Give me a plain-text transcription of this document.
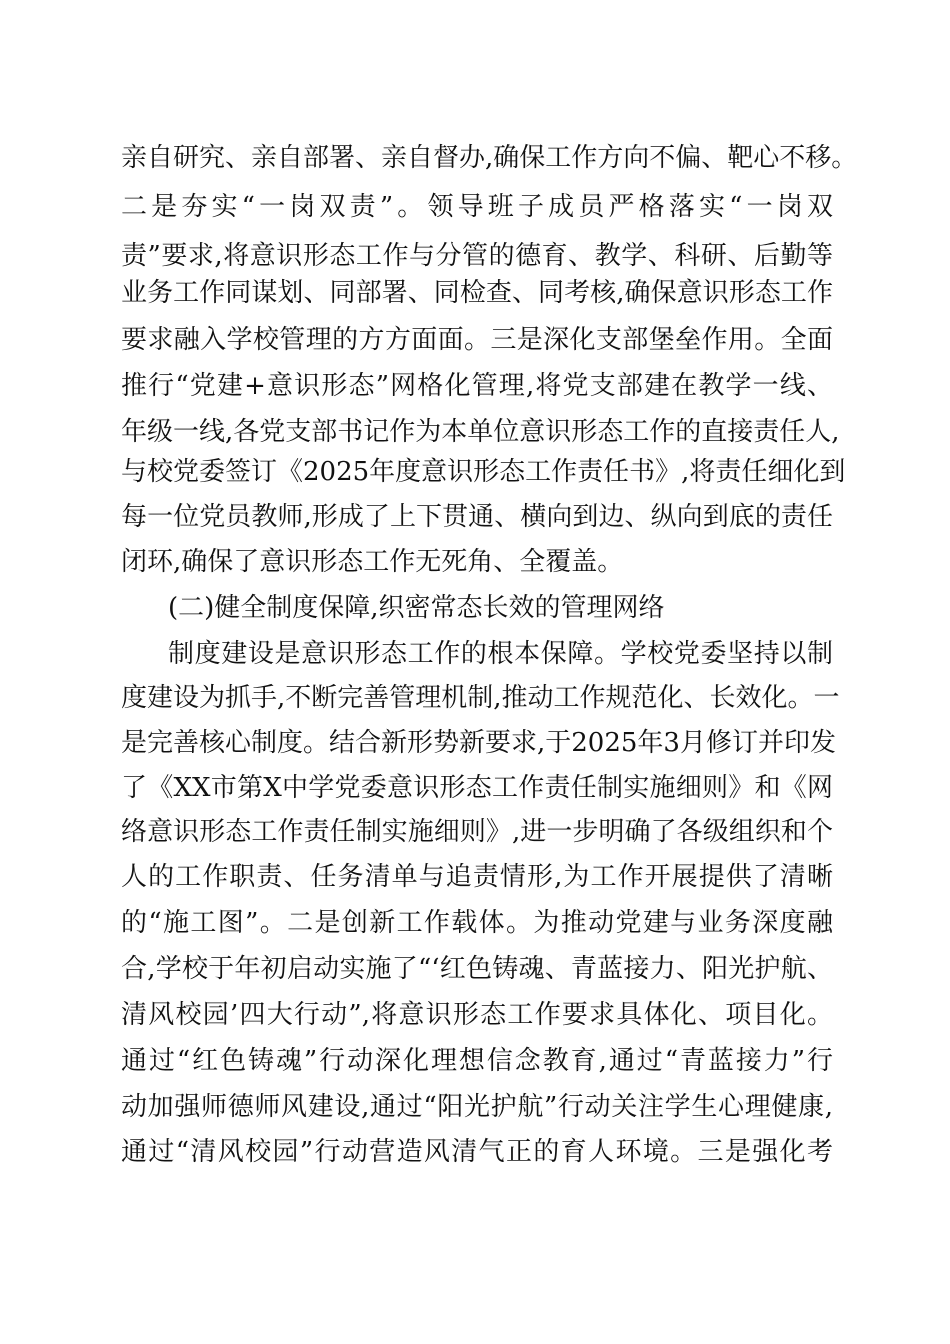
亲自研究、亲自部署、亲自督办,确保工作方向不偏、靶心不移。
二是夯实“一岗双责”。领导班子成员严格落实“一岗双
责”要求,将意识形态工作与分管的德育、教学、科研、后勤等
业务工作同谋划、同部署、同检查、同考核,确保意识形态工作
要求融入学校管理的方方面面。三是深化支部堡垒作用。全面
推行“党建+意识形态”网格化管理,将党支部建在教学一线、
年级一线,各党支部书记作为本单位意识形态工作的直接责任人,
与校党委签订《2025年度意识形态工作责任书》,将责任细化到
每一位党员教师,形成了上下贯通、横向到边、纵向到底的责任
闭环,确保了意识形态工作无死角、全覆盖。
(二)健全制度保障,织密常态长效的管理网络
制度建设是意识形态工作的根本保障。学校党委坚持以制
度建设为抓手,不断完善管理机制,推动工作规范化、长效化。一
是完善核心制度。结合新形势新要求,于2025年3月修订并印发
了《XX市第X中学党委意识形态工作责任制实施细则》和《网
络意识形态工作责任制实施细则》,进一步明确了各级组织和个
人的工作职责、任务清单与追责情形,为工作开展提供了清晰
的“施工图”。二是创新工作载体。为推动党建与业务深度融
合,学校于年初启动实施了“‘红色铸魂、青蓝接力、阳光护航、
清风校园’四大行动”,将意识形态工作要求具体化、项目化。
通过“红色铸魂”行动深化理想信念教育,通过“青蓝接力”行
动加强师德师风建设,通过“阳光护航”行动关注学生心理健康,
通过“清风校园”行动营造风清气正的育人环境。三是强化考
